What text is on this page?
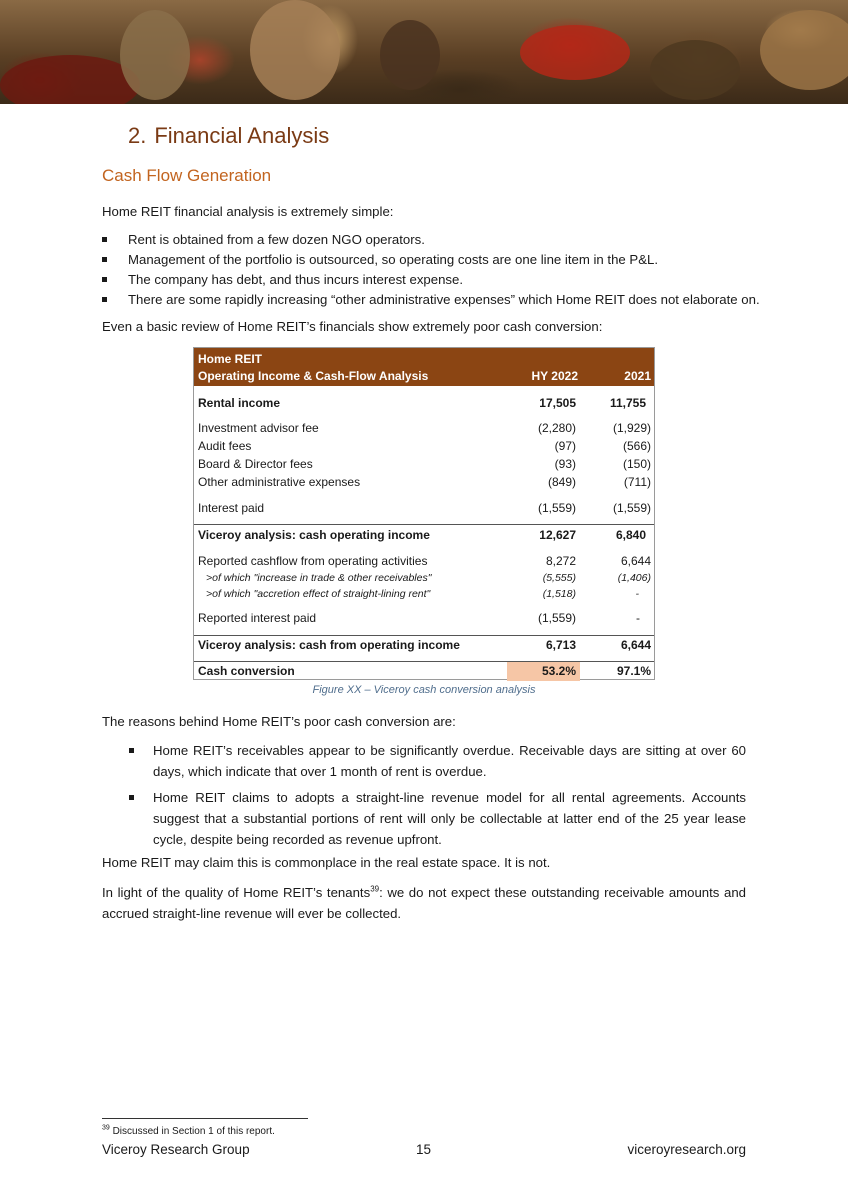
2. Financial Analysis
Cash Flow Generation
Home REIT financial analysis is extremely simple:
Rent is obtained from a few dozen NGO operators.
Management of the portfolio is outsourced, so operating costs are one line item in the P&L.
The company has debt, and thus incurs interest expense.
There are some rapidly increasing “other administrative expenses” which Home REIT does not elaborate on.
Even a basic review of Home REIT’s financials show extremely poor cash conversion:
Home REIT
Operating Income & Cash-Flow Analysis	HY 2022	2021
Rental income	17,505	11,755
Investment advisor fee	(2,280)	(1,929)
Audit fees	(97)	(566)
Board & Director fees	(93)	(150)
Other administrative expenses	(849)	(711)
Interest paid	(1,559)	(1,559)
Viceroy analysis: cash operating income	12,627	6,840
Reported cashflow from operating activities	8,272	6,644
>of which "increase in trade & other receivables"	(5,555)	(1,406)
>of which "accretion effect of straight-lining rent"	(1,518)	-
Reported interest paid	(1,559)	-
Viceroy analysis: cash from operating income	6,713	6,644
Cash conversion	53.2%	97.1%
Figure XX – Viceroy cash conversion analysis
The reasons behind Home REIT’s poor cash conversion are:
Home REIT’s receivables appear to be significantly overdue. Receivable days are sitting at over 60 days, which indicate that over 1 month of rent is overdue.
Home REIT claims to adopts a straight-line revenue model for all rental agreements. Accounts suggest that a substantial portions of rent will only be collectable at latter end of the 25 year lease cycle, despite being recorded as revenue upfront.
Home REIT may claim this is commonplace in the real estate space. It is not.
In light of the quality of Home REIT’s tenants$^{39}$: we do not expect these outstanding receivable amounts and accrued straight-line revenue will ever be collected.
$^{39}$ Discussed in Section 1 of this report.
Viceroy Research Group	15	viceroyresearch.org
